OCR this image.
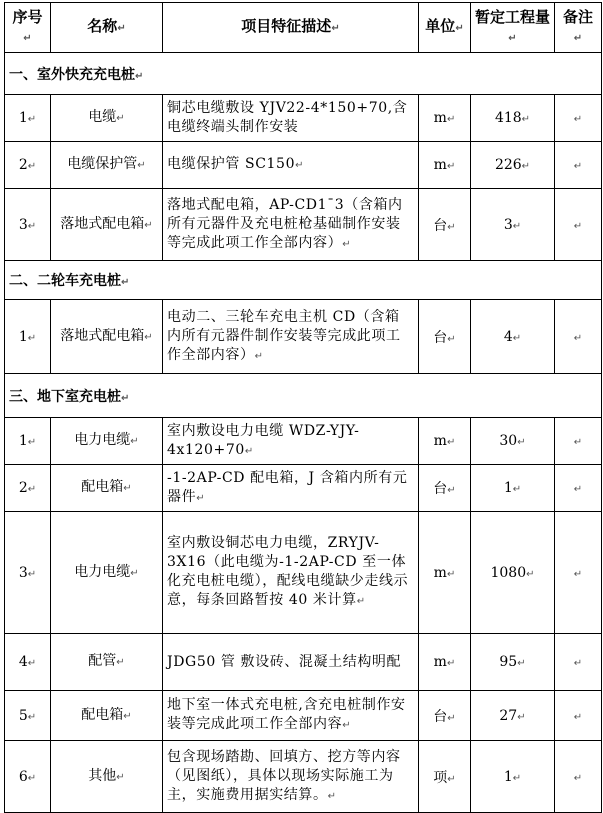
序号↵	名称↵	项目特征描述↵	单位↵	暂定工程量↵	备注↵
一、室外快充充电桩↵					
1↵	电缆↵	铜芯电缆敷设 YJV22-4*150+70,含电缆终端头制作安装	m↵	418↵	↵
2↵	电缆保护管↵	电缆保护管 SC150↵	m↵	226↵	↵
3↵	落地式配电箱↵	落地式配电箱，AP-CD1ˉ3（含箱内所有元器件及充电桩枪基础制作安装等完成此项工作全部内容）↵	台↵	3↵	↵
二、二轮车充电桩↵					
1↵	落地式配电箱↵	电动二、三轮车充电主机 CD（含箱内所有元器件制作安装等完成此项工作全部内容）↵	台↵	4↵	↵
三、地下室充电桩↵					
1↵	电力电缆↵	室内敷设电力电缆 WDZ-YJY-4x120+70↵	m↵	30↵	↵
2↵	配电箱↵	-1-2AP-CD 配电箱，J 含箱内所有元器件↵	台↵	1↵	↵
3↵	电力电缆↵	室内敷设铜芯电力电缆，ZRYJV-3X16（此电缆为-1-2AP-CD 至一体化充电桩电缆），配线电缆缺少走线示意，每条回路暂按 40 米计算↵	m↵	1080↵	↵
4↵	配管↵	JDG50 管 敷设砖、混凝土结构明配	m↵	95↵	↵
5↵	配电箱↵	地下室一体式充电桩,含充电桩制作安装等完成此项工作全部内容↵	台↵	27↵	↵
6↵	其他↵	包含现场踏勘、回填方、挖方等内容（见图纸），具体以现场实际施工为主，实施费用据实结算。↵	项↵	1↵	↵
